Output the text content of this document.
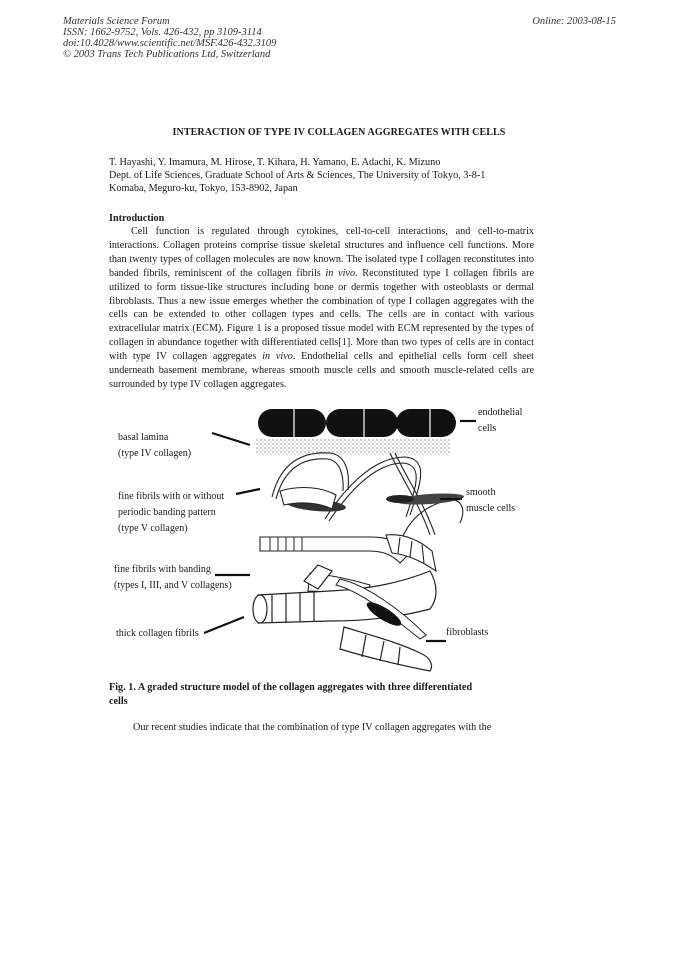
Materials Science Forum
ISSN: 1662-9752, Vols. 426-432, pp 3109-3114
doi:10.4028/www.scientific.net/MSF.426-432.3109
© 2003 Trans Tech Publications Ltd, Switzerland
Online: 2003-08-15
INTERACTION OF TYPE IV COLLAGEN AGGREGATES WITH CELLS
T. Hayashi, Y. Imamura, M. Hirose, T. Kihara, H. Yamano, E. Adachi, K. Mizuno
Dept. of Life Sciences, Graduate School of Arts & Sciences, The University of Tokyo, 3-8-1
Komaba, Meguro-ku, Tokyo, 153-8902, Japan
Introduction
Cell function is regulated through cytokines, cell-to-cell interactions, and cell-to-matrix interactions. Collagen proteins comprise tissue skeletal structures and influence cell functions. More than twenty types of collagen molecules are now known. The isolated type I collagen reconstitutes into banded fibrils, reminiscent of the collagen fibrils in vivo. Reconstituted type I collagen fibrils are utilized to form tissue-like structures including bone or dermis together with osteoblasts or dermal fibroblasts. Thus a new issue emerges whether the combination of type I collagen aggregates with the cells can be extended to other collagen types and cells. The cells are in contact with various extracellular matrix (ECM). Figure 1 is a proposed tissue model with ECM represented by the types of collagen in abundance together with differentiated cells[1]. More than two types of cells are in contact with type IV collagen aggregates in vivo. Endothelial cells and epithelial cells form cell sheet underneath basement membrane, whereas smooth muscle cells and smooth muscle-related cells are surrounded by type IV collagen aggregates.
endothelial
cells
basal lamina
(type IV collagen)
smooth
muscle cells
fine fibrils with or without
periodic banding pattern
(type V collagen)
fine fibrils with banding
(types I, III, and V collagens)
thick collagen fibrils	fibroblasts
Fig. 1. A graded structure model of the collagen aggregates with three differentiated
cells
Our recent studies indicate that the combination of type IV collagen aggregates with the
